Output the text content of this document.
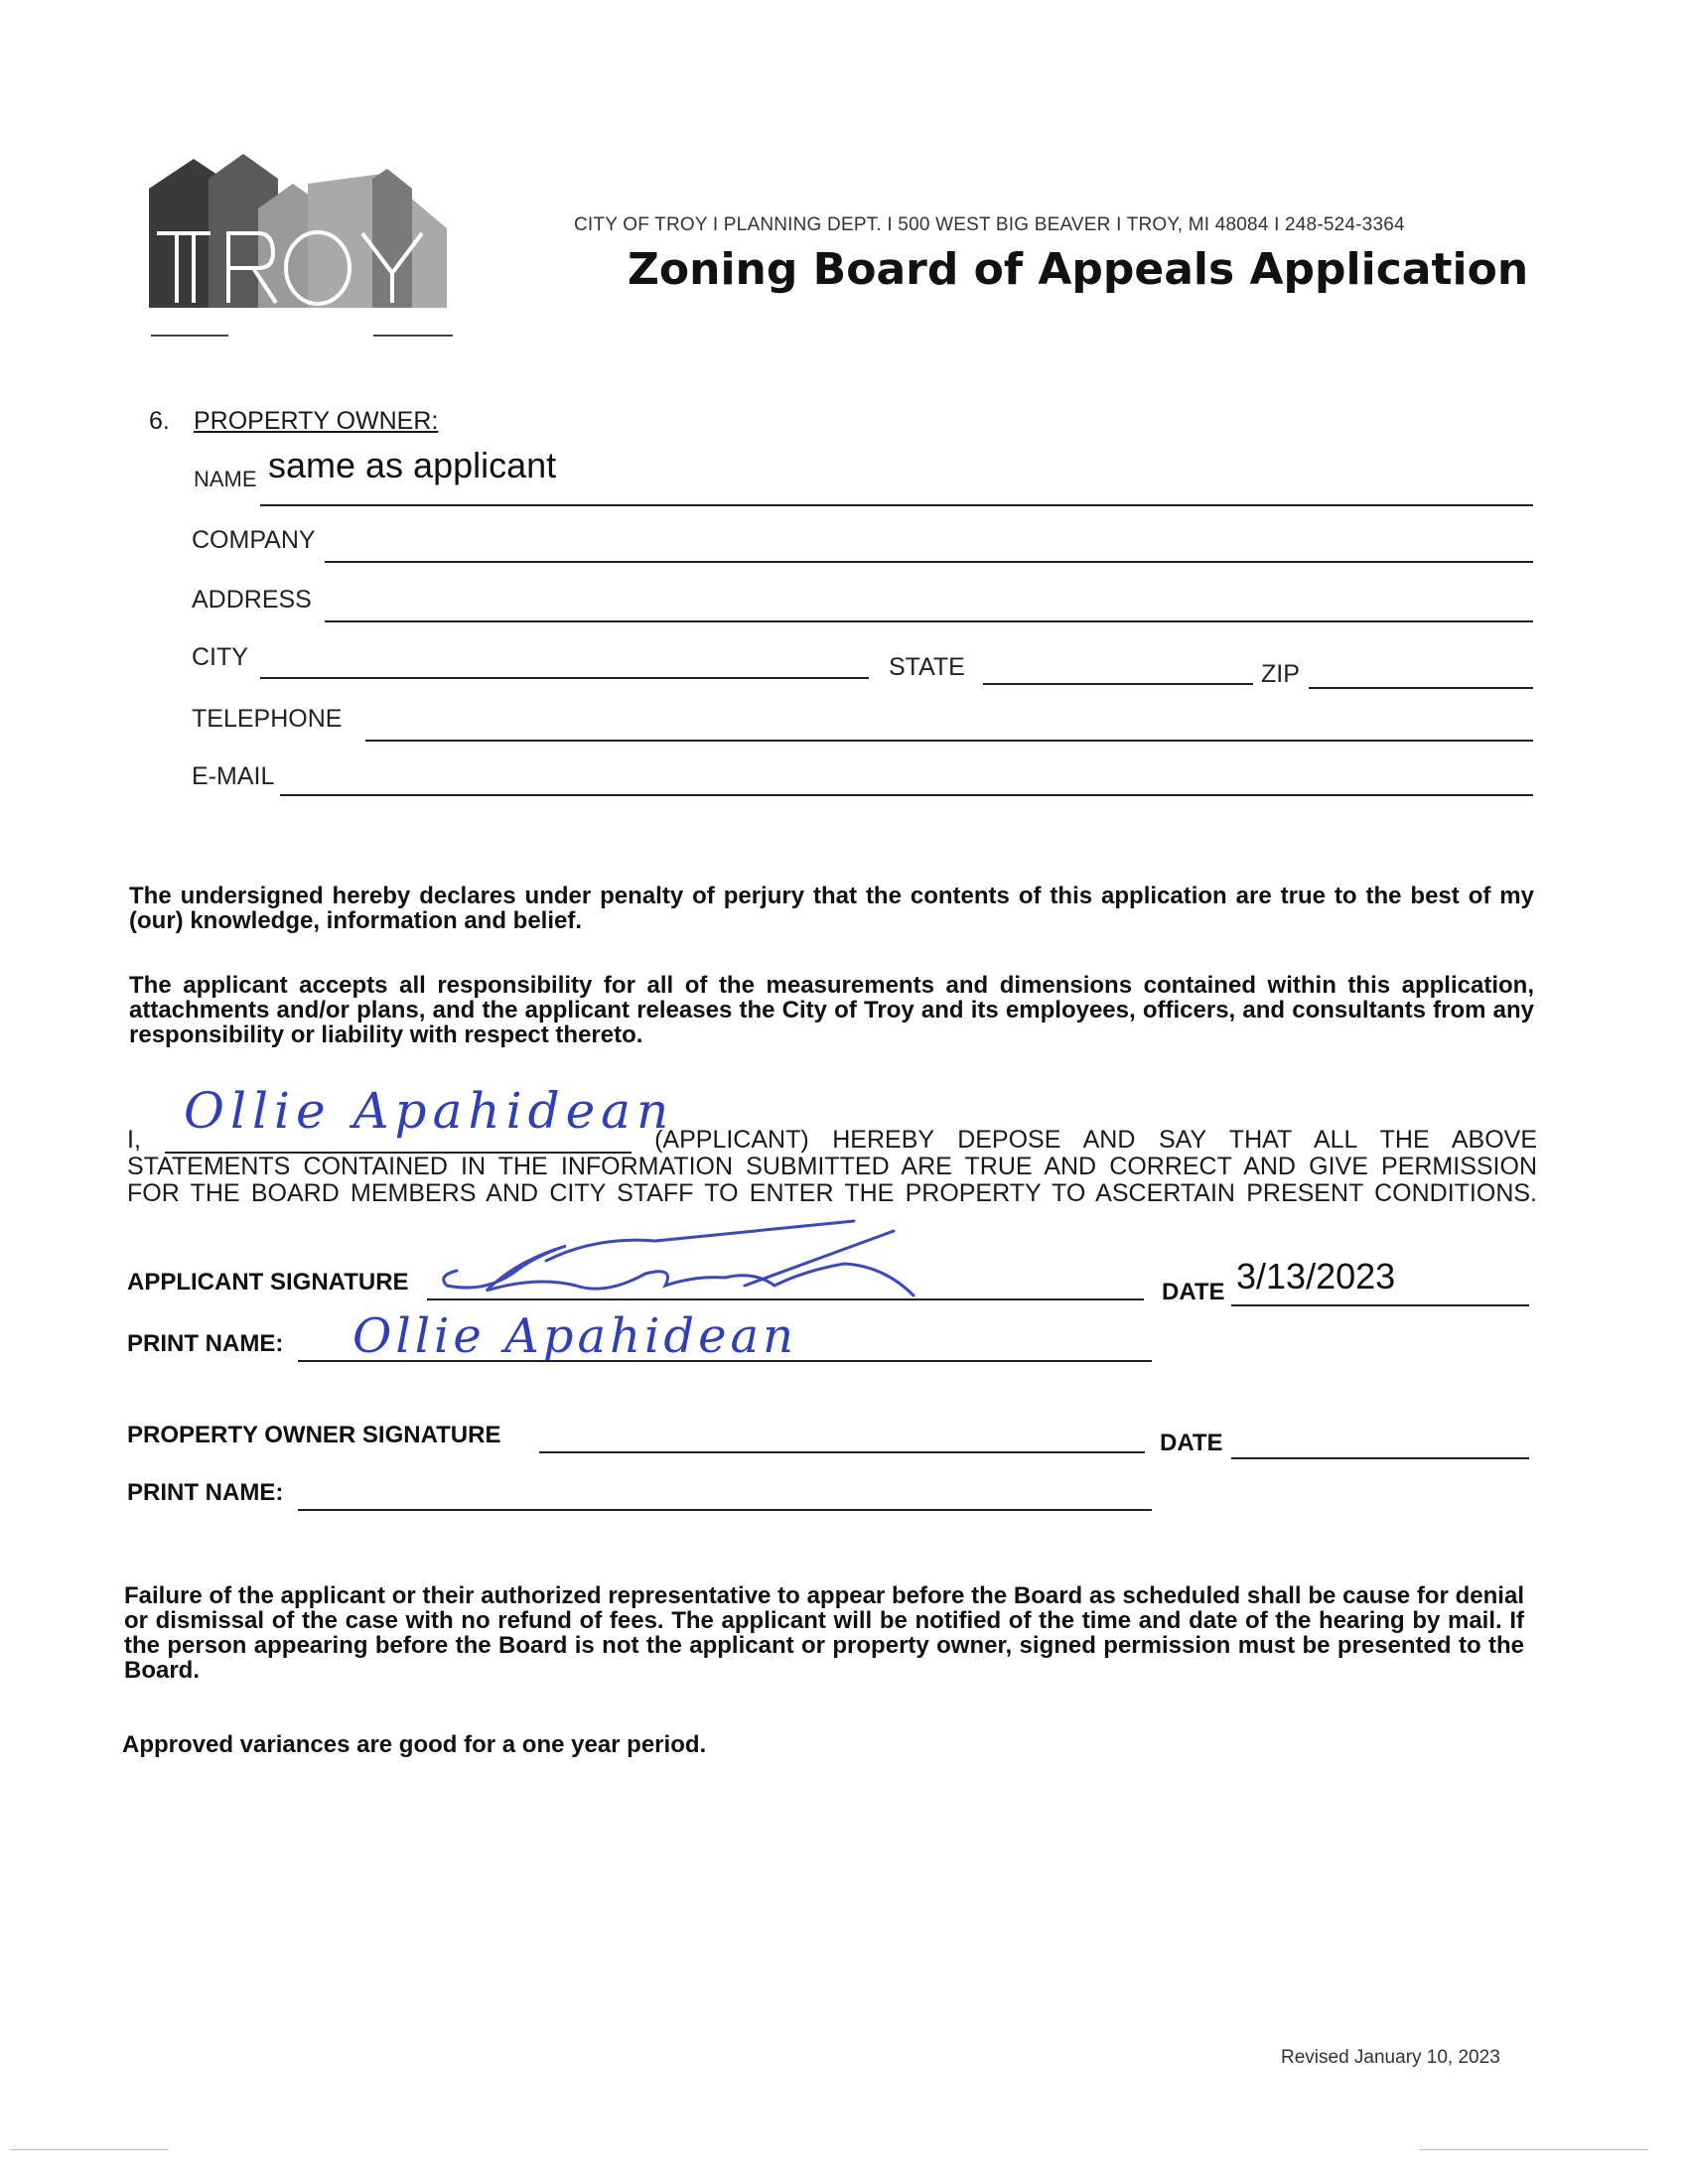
CITY OF TROY I PLANNING DEPT. I 500 WEST BIG BEAVER I TROY, MI 48084 I 248-524-3364
Zoning Board of Appeals Application
6. PROPERTY OWNER:
NAME same as applicant
COMPANY
ADDRESS
CITY	STATE	ZIP
TELEPHONE
E-MAIL
The undersigned hereby declares under penalty of perjury that the contents of this application are true to the best of my (our) knowledge, information and belief.
The applicant accepts all responsibility for all of the measurements and dimensions contained within this application, attachments and/or plans, and the applicant releases the City of Troy and its employees, officers, and consultants from any responsibility or liability with respect thereto.
I,	(APPLICANT) HEREBY DEPOSE AND SAY THAT ALL THE ABOVE
STATEMENTS CONTAINED IN THE INFORMATION SUBMITTED ARE TRUE AND CORRECT AND GIVE PERMISSION
FOR THE BOARD MEMBERS AND CITY STAFF TO ENTER THE PROPERTY TO ASCERTAIN PRESENT CONDITIONS.
Ollie Apahidean
APPLICANT SIGNATURE	DATE 3/13/2023
PRINT NAME: Ollie Apahidean
PROPERTY OWNER SIGNATURE	DATE
PRINT NAME:
Failure of the applicant or their authorized representative to appear before the Board as scheduled shall be cause for denial or dismissal of the case with no refund of fees. The applicant will be notified of the time and date of the hearing by mail. If the person appearing before the Board is not the applicant or property owner, signed permission must be presented to the Board.
Approved variances are good for a one year period.
Revised January 10, 2023
